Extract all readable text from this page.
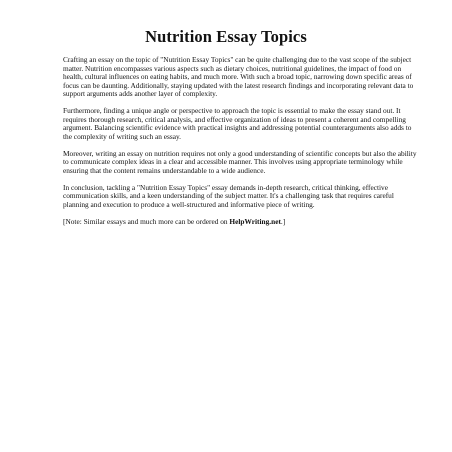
Nutrition Essay Topics

Crafting an essay on the topic of "Nutrition Essay Topics" can be quite challenging due to the vast scope of the subject matter. Nutrition encompasses various aspects such as dietary choices, nutritional guidelines, the impact of food on health, cultural influences on eating habits, and much more. With such a broad topic, narrowing down specific areas of focus can be daunting. Additionally, staying updated with the latest research findings and incorporating relevant data to support arguments adds another layer of complexity.

Furthermore, finding a unique angle or perspective to approach the topic is essential to make the essay stand out. It requires thorough research, critical analysis, and effective organization of ideas to present a coherent and compelling argument. Balancing scientific evidence with practical insights and addressing potential counterarguments also adds to the complexity of writing such an essay.

Moreover, writing an essay on nutrition requires not only a good understanding of scientific concepts but also the ability to communicate complex ideas in a clear and accessible manner. This involves using appropriate terminology while ensuring that the content remains understandable to a wide audience.

In conclusion, tackling a "Nutrition Essay Topics" essay demands in-depth research, critical thinking, effective communication skills, and a keen understanding of the subject matter. It's a challenging task that requires careful planning and execution to produce a well-structured and informative piece of writing.

[Note: Similar essays and much more can be ordered on HelpWriting.net.]
